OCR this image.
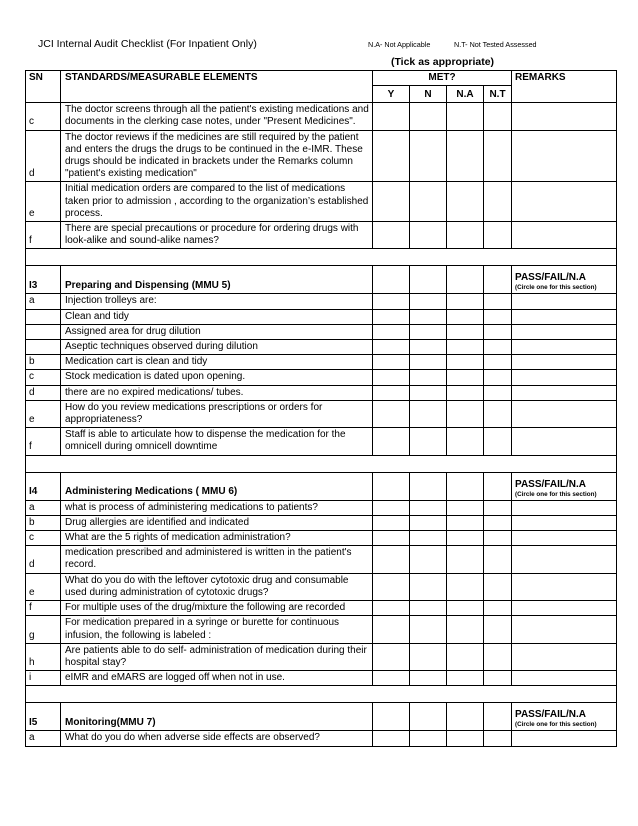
JCI Internal Audit Checklist (For Inpatient Only)	N.A- Not Applicable	N.T- Not Tested Assessed
(Tick as appropriate)
SN	STANDARDS/MEASURABLE ELEMENTS	MET?				REMARKS
		Y	N	N.A	N.T	
c	The doctor screens through all the patient's existing medications and documents in the clerking case notes, under "Present Medicines".					
d	The doctor reviews if the medicines are still required by the patient and enters the drugs the drugs to be continued in the e-IMR. These drugs should be indicated in brackets under the Remarks column "patient's existing medication"					
e	Initial medication orders are compared to the list of medications taken prior to admission , according to the organization’s established process.					
f	There are special precautions or procedure for ordering drugs with look-alike and sound-alike names?					

I3	Preparing and Dispensing (MMU 5)					PASS/FAIL/N.A
(Circle one for this section)

a	Injection trolleys are:					
	Clean and tidy					
	Assigned area for drug dilution					
	Aseptic techniques observed during dilution					
b	Medication cart is clean and tidy					
c	Stock medication is dated upon opening.					
d	there are no expired medications/ tubes.					
e	How do you review medications prescriptions or orders for appropriateness?					
f	Staff is able to articulate how to dispense the medication for the omnicell during omnicell downtime					

I4	Administering Medications ( MMU 6)					PASS/FAIL/N.A
(Circle one for this section)

a	what is process of administering medications to patients?					
b	Drug allergies are identified and indicated					
c	What are the 5 rights of medication administration?					
d	medication prescribed and administered is written in the patient's record.					
e	What do you do with the leftover cytotoxic drug and consumable used during administration of cytotoxic drugs?					
f	For multiple uses of the drug/mixture the following are recorded					
g	For medication prepared in a syringe or burette for continuous infusion, the following is labeled :					
h	Are patients able to do self- administration of medication during their hospital stay?					
i	eIMR and eMARS are logged off when not in use.					

I5	Monitoring(MMU 7)					PASS/FAIL/N.A
(Circle one for this section)

a	What do you do when adverse side effects are observed?					
